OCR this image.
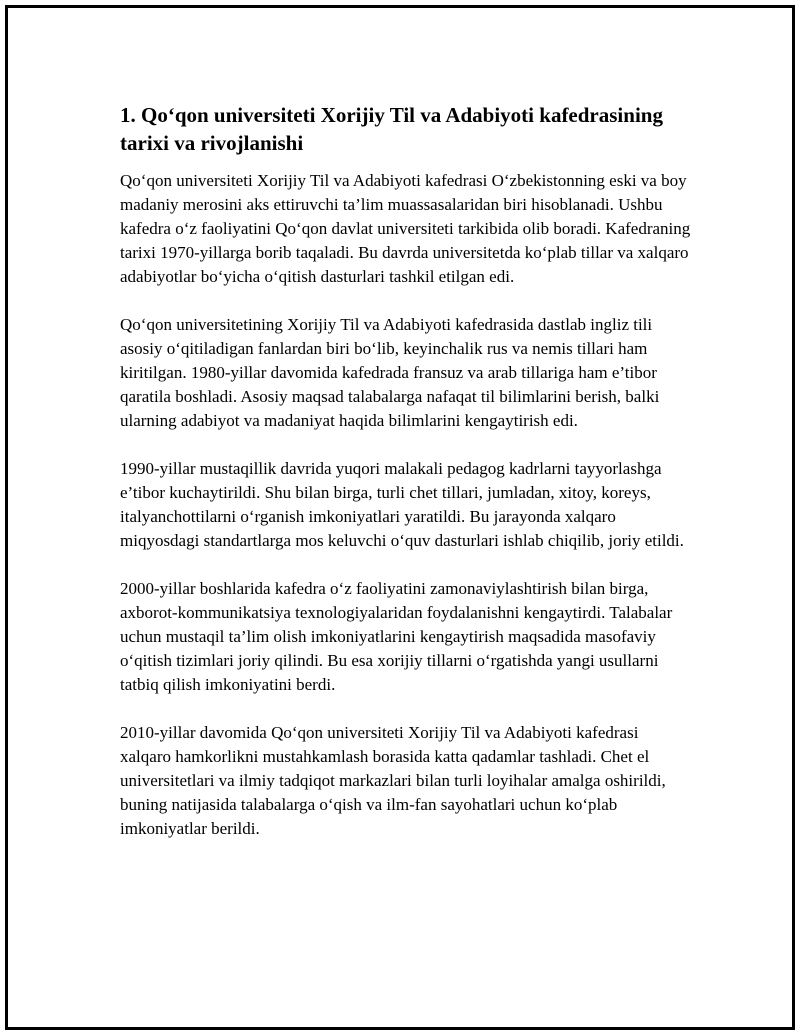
1. Qo‘qon universiteti Xorijiy Til va Adabiyoti kafedrasining tarixi va rivojlanishi

Qo‘qon universiteti Xorijiy Til va Adabiyoti kafedrasi O‘zbekistonning eski va boy madaniy merosini aks ettiruvchi ta’lim muassasalaridan biri hisoblanadi. Ushbu kafedra o‘z faoliyatini Qo‘qon davlat universiteti tarkibida olib boradi. Kafedraning tarixi 1970-yillarga borib taqaladi. Bu davrda universitetda ko‘plab tillar va xalqaro adabiyotlar bo‘yicha o‘qitish dasturlari tashkil etilgan edi.

Qo‘qon universitetining Xorijiy Til va Adabiyoti kafedrasida dastlab ingliz tili asosiy o‘qitiladigan fanlardan biri bo‘lib, keyinchalik rus va nemis tillari ham kiritilgan. 1980-yillar davomida kafedrada fransuz va arab tillariga ham e’tibor qaratila boshladi. Asosiy maqsad talabalarga nafaqat til bilimlarini berish, balki ularning adabiyot va madaniyat haqida bilimlarini kengaytirish edi.

1990-yillar mustaqillik davrida yuqori malakali pedagog kadrlarni tayyorlashga e’tibor kuchaytirildi. Shu bilan birga, turli chet tillari, jumladan, xitoy, koreys, italyanchottilarni o‘rganish imkoniyatlari yaratildi. Bu jarayonda xalqaro miqyosdagi standartlarga mos keluvchi o‘quv dasturlari ishlab chiqilib, joriy etildi.

2000-yillar boshlarida kafedra o‘z faoliyatini zamonaviylashtirish bilan birga, axborot-kommunikatsiya texnologiyalaridan foydalanishni kengaytirdi. Talabalar uchun mustaqil ta’lim olish imkoniyatlarini kengaytirish maqsadida masofaviy o‘qitish tizimlari joriy qilindi. Bu esa xorijiy tillarni o‘rgatishda yangi usullarni tatbiq qilish imkoniyatini berdi.

2010-yillar davomida Qo‘qon universiteti Xorijiy Til va Adabiyoti kafedrasi xalqaro hamkorlikni mustahkamlash borasida katta qadamlar tashladi. Chet el universitetlari va ilmiy tadqiqot markazlari bilan turli loyihalar amalga oshirildi, buning natijasida talabalarga o‘qish va ilm-fan sayohatlari uchun ko‘plab imkoniyatlar berildi.
